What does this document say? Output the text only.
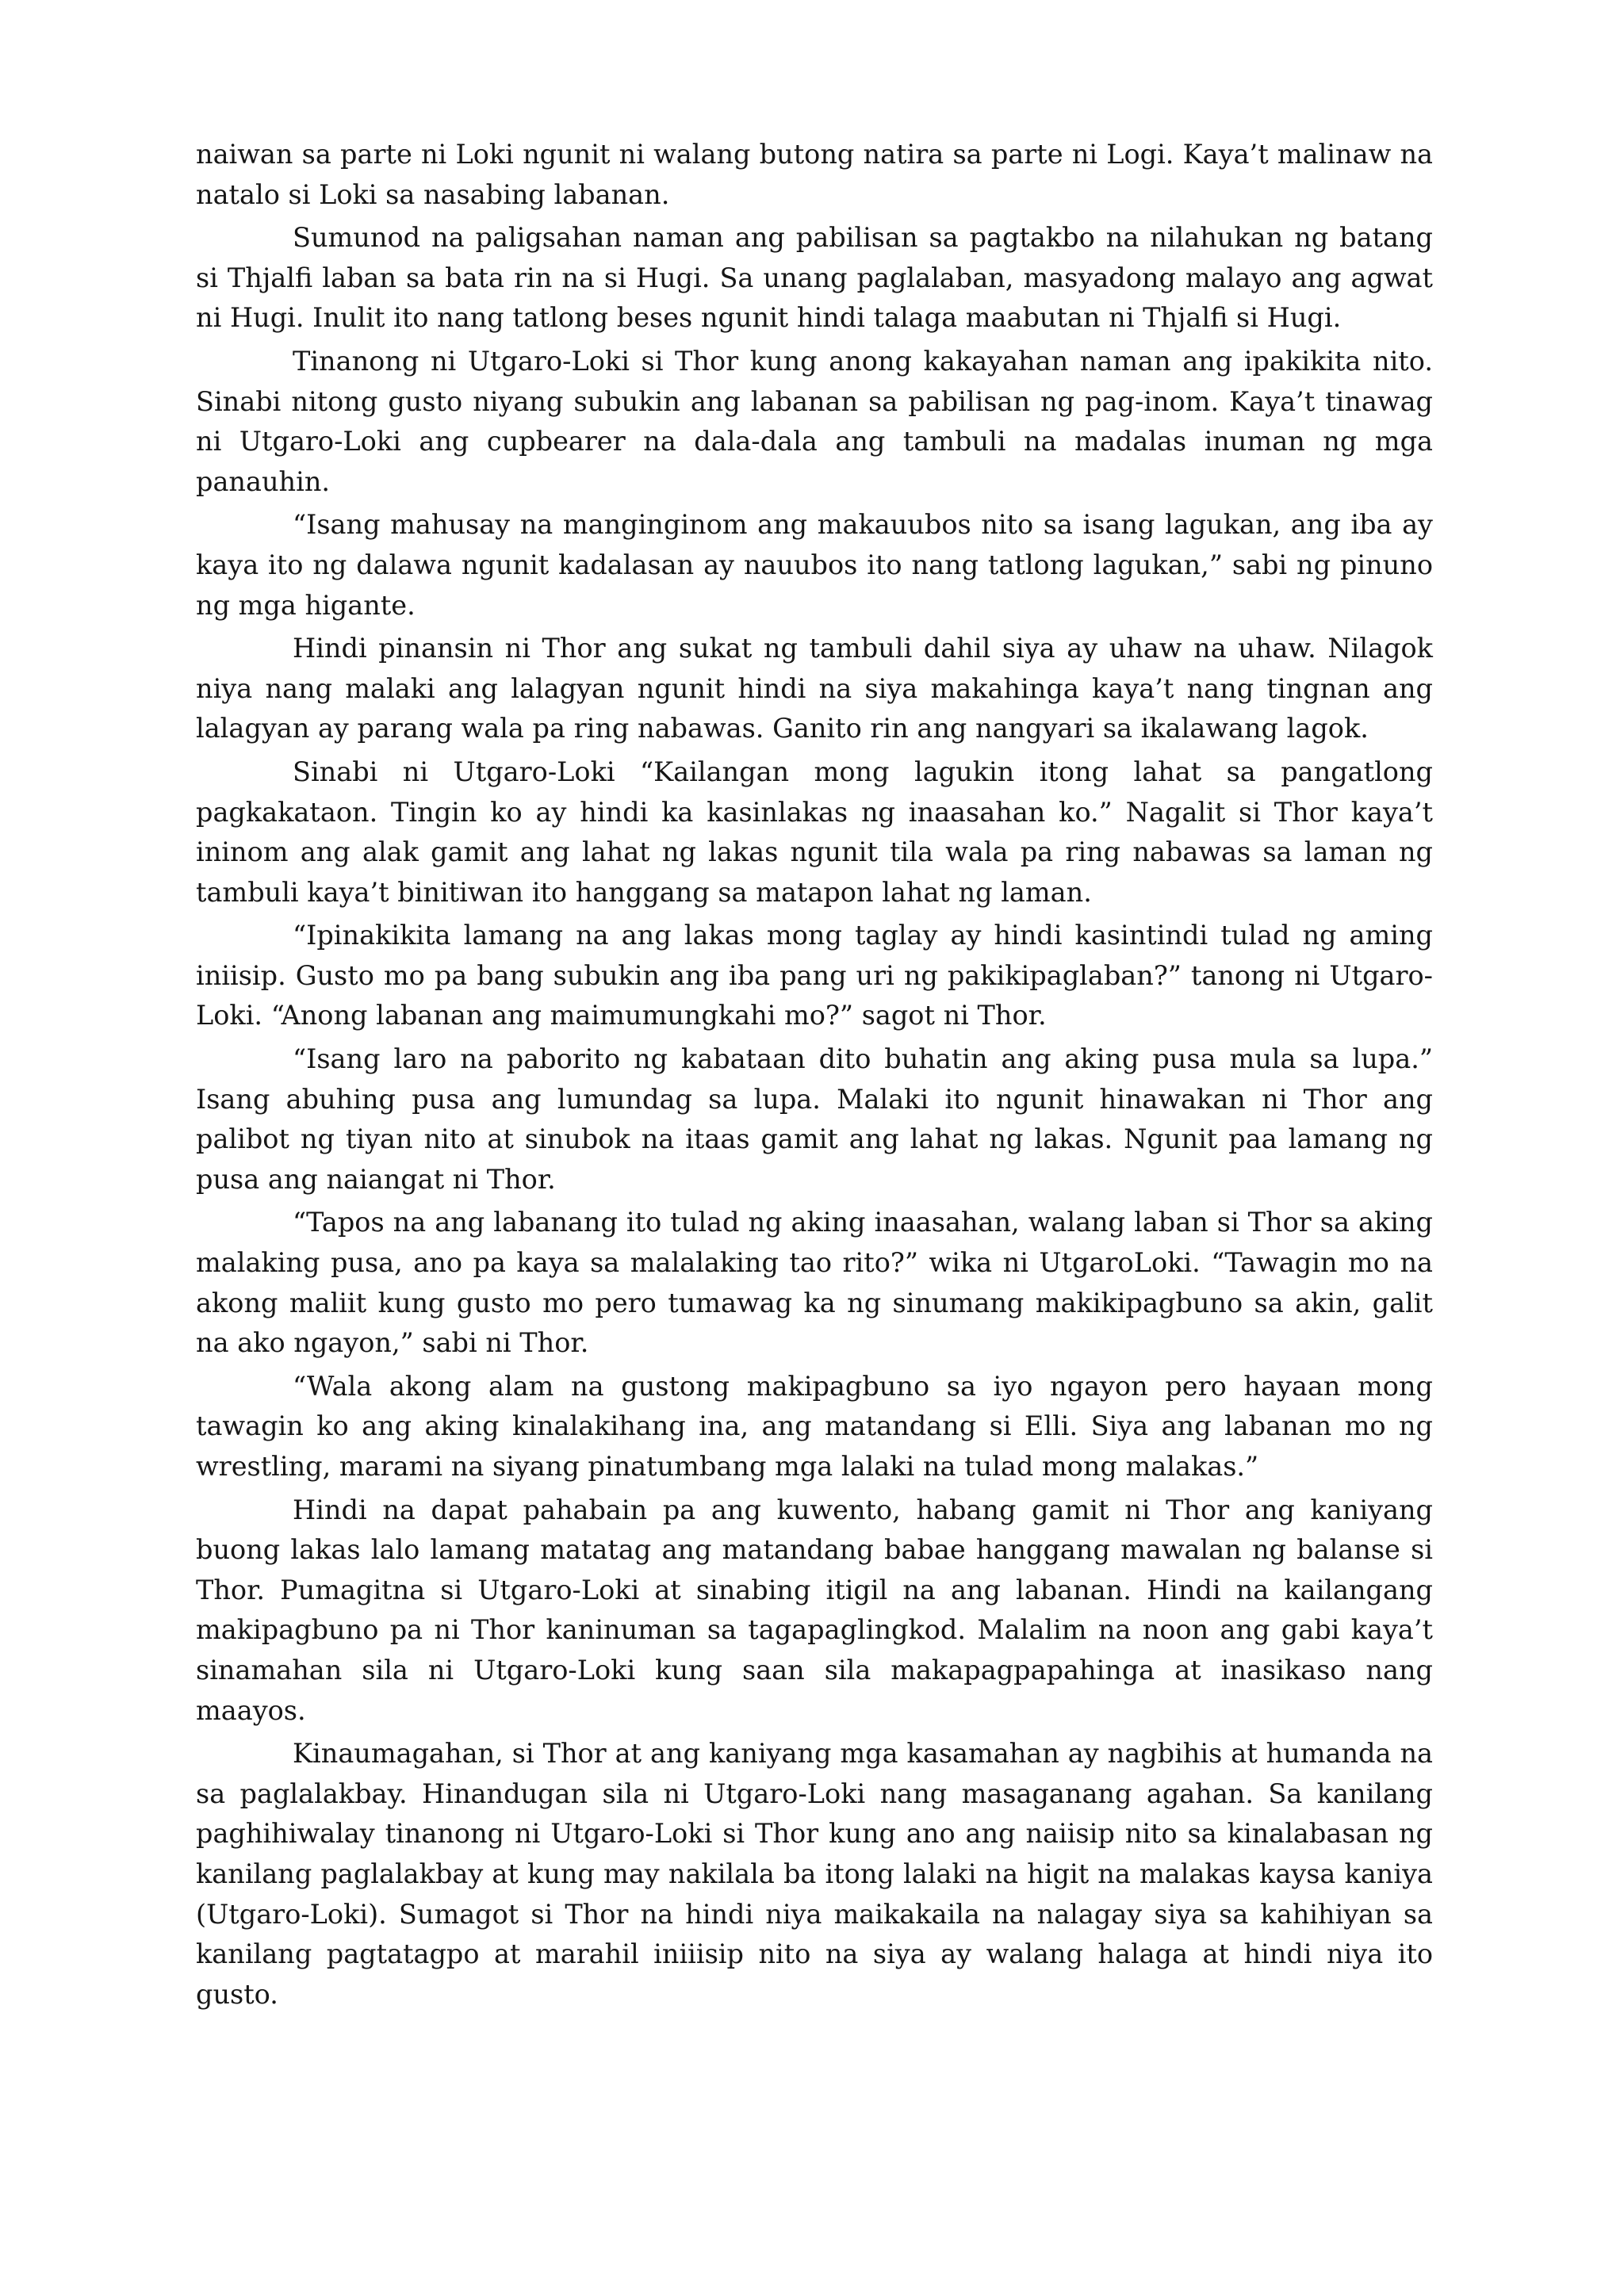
naiwan sa parte ni Loki ngunit ni walang butong natira sa parte ni Logi. Kaya’t malinaw na natalo si Loki sa nasabing labanan.

Sumunod na paligsahan naman ang pabilisan sa pagtakbo na nilahukan ng batang si Thjalfi laban sa bata rin na si Hugi. Sa unang paglalaban, masyadong malayo ang agwat ni Hugi. Inulit ito nang tatlong beses ngunit hindi talaga maabutan ni Thjalfi si Hugi.

Tinanong ni Utgaro-Loki si Thor kung anong kakayahan naman ang ipakikita nito. Sinabi nitong gusto niyang subukin ang labanan sa pabilisan ng pag-inom. Kaya’t tinawag ni Utgaro-Loki ang cupbearer na dala-dala ang tambuli na madalas inuman ng mga panauhin.

“Isang mahusay na manginginom ang makauubos nito sa isang lagukan, ang iba ay kaya ito ng dalawa ngunit kadalasan ay nauubos ito nang tatlong lagukan,” sabi ng pinuno ng mga higante.

Hindi pinansin ni Thor ang sukat ng tambuli dahil siya ay uhaw na uhaw. Nilagok niya nang malaki ang lalagyan ngunit hindi na siya makahinga kaya’t nang tingnan ang lalagyan ay parang wala pa ring nabawas. Ganito rin ang nangyari sa ikalawang lagok.

Sinabi ni Utgaro-Loki “Kailangan mong lagukin itong lahat sa pangatlong pagkakataon. Tingin ko ay hindi ka kasinlakas ng inaasahan ko.” Nagalit si Thor kaya’t ininom ang alak gamit ang lahat ng lakas ngunit tila wala pa ring nabawas sa laman ng tambuli kaya’t binitiwan ito hanggang sa matapon lahat ng laman.

“Ipinakikita lamang na ang lakas mong taglay ay hindi kasintindi tulad ng aming iniisip. Gusto mo pa bang subukin ang iba pang uri ng pakikipaglaban?” tanong ni Utgaro-Loki. “Anong labanan ang maimumungkahi mo?” sagot ni Thor.

“Isang laro na paborito ng kabataan dito buhatin ang aking pusa mula sa lupa.” Isang abuhing pusa ang lumundag sa lupa. Malaki ito ngunit hinawakan ni Thor ang palibot ng tiyan nito at sinubok na itaas gamit ang lahat ng lakas. Ngunit paa lamang ng pusa ang naiangat ni Thor.

“Tapos na ang labanang ito tulad ng aking inaasahan, walang laban si Thor sa aking malaking pusa, ano pa kaya sa malalaking tao rito?” wika ni UtgaroLoki. “Tawagin mo na akong maliit kung gusto mo pero tumawag ka ng sinumang makikipagbuno sa akin, galit na ako ngayon,” sabi ni Thor.

“Wala akong alam na gustong makipagbuno sa iyo ngayon pero hayaan mong tawagin ko ang aking kinalakihang ina, ang matandang si Elli. Siya ang labanan mo ng wrestling, marami na siyang pinatumbang mga lalaki na tulad mong malakas.”

Hindi na dapat pahabain pa ang kuwento, habang gamit ni Thor ang kaniyang buong lakas lalo lamang matatag ang matandang babae hanggang mawalan ng balanse si Thor. Pumagitna si Utgaro-Loki at sinabing itigil na ang labanan. Hindi na kailangang makipagbuno pa ni Thor kaninuman sa tagapaglingkod. Malalim na noon ang gabi kaya’t sinamahan sila ni Utgaro-Loki kung saan sila makapagpapahinga at inasikaso nang maayos.

Kinaumagahan, si Thor at ang kaniyang mga kasamahan ay nagbihis at humanda na sa paglalakbay. Hinandugan sila ni Utgaro-Loki nang masaganang agahan. Sa kanilang paghihiwalay tinanong ni Utgaro-Loki si Thor kung ano ang naiisip nito sa kinalabasan ng kanilang paglalakbay at kung may nakilala ba itong lalaki na higit na malakas kaysa kaniya (Utgaro-Loki). Sumagot si Thor na hindi niya maikakaila na nalagay siya sa kahihiyan sa kanilang pagtatagpo at marahil iniiisip nito na siya ay walang halaga at hindi niya ito gusto.
